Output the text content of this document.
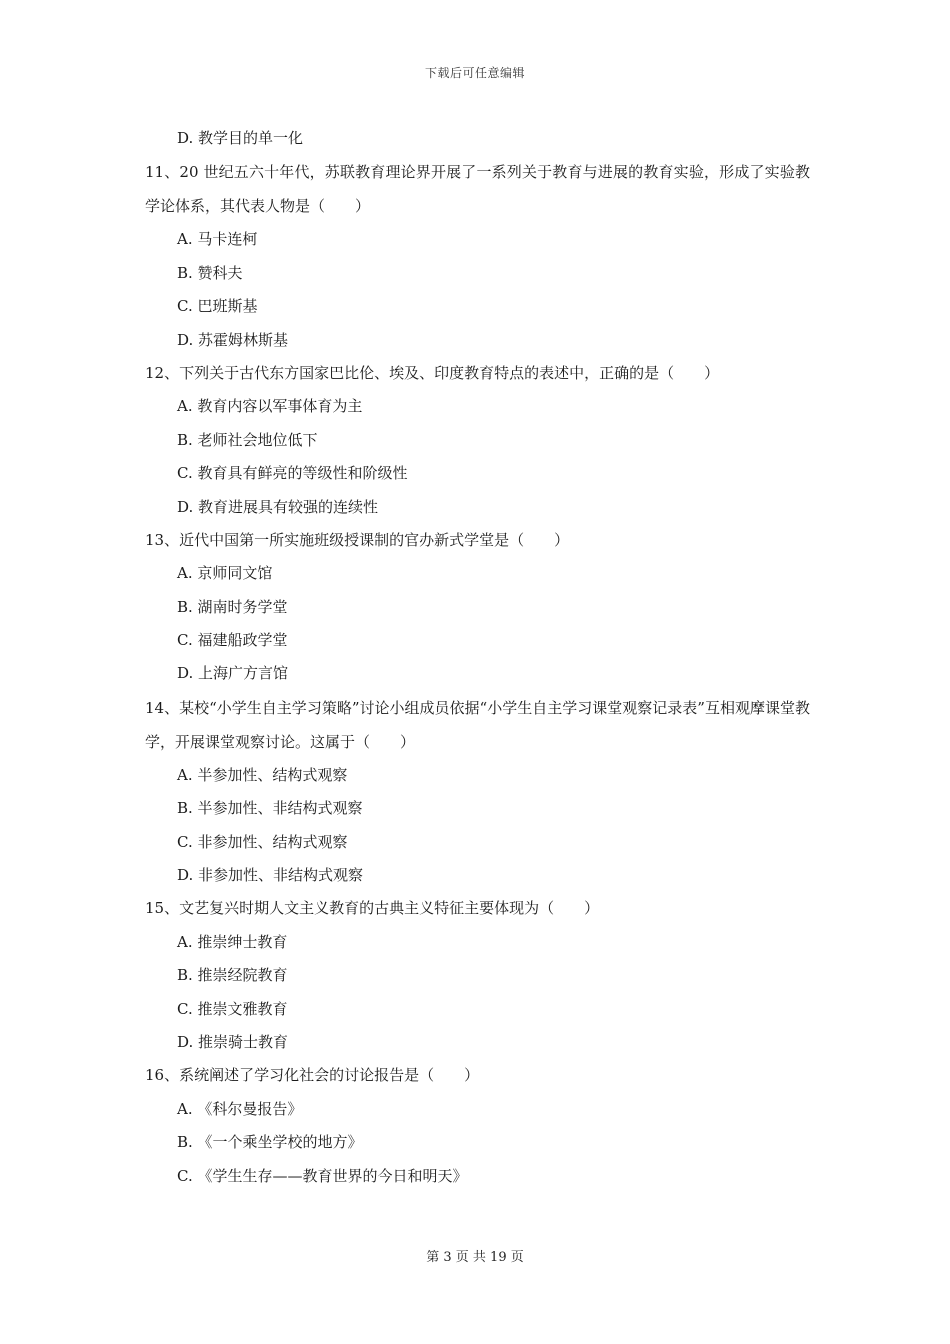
下载后可任意编辑
D. 教学目的单一化
11、20 世纪五六十年代，苏联教育理论界开展了一系列关于教育与进展的教育实验，形成了实验教学论体系，其代表人物是（　　）
A. 马卡连柯
B. 赞科夫
C. 巴班斯基
D. 苏霍姆林斯基
12、下列关于古代东方国家巴比伦、埃及、印度教育特点的表述中，正确的是（　　）
A. 教育内容以军事体育为主
B. 老师社会地位低下
C. 教育具有鲜亮的等级性和阶级性
D. 教育进展具有较强的连续性
13、近代中国第一所实施班级授课制的官办新式学堂是（　　）
A. 京师同文馆
B. 湖南时务学堂
C. 福建船政学堂
D. 上海广方言馆
14、某校“小学生自主学习策略”讨论小组成员依据“小学生自主学习课堂观察记录表”互相观摩课堂教学，开展课堂观察讨论。这属于（　　）
A. 半参加性、结构式观察
B. 半参加性、非结构式观察
C. 非参加性、结构式观察
D. 非参加性、非结构式观察
15、文艺复兴时期人文主义教育的古典主义特征主要体现为（　　）
A. 推崇绅士教育
B. 推崇经院教育
C. 推崇文雅教育
D. 推崇骑士教育
16、系统阐述了学习化社会的讨论报告是（　　）
A. 《科尔曼报告》
B. 《一个乘坐学校的地方》
C. 《学生生存——教育世界的今日和明天》
第 3 页 共 19 页
